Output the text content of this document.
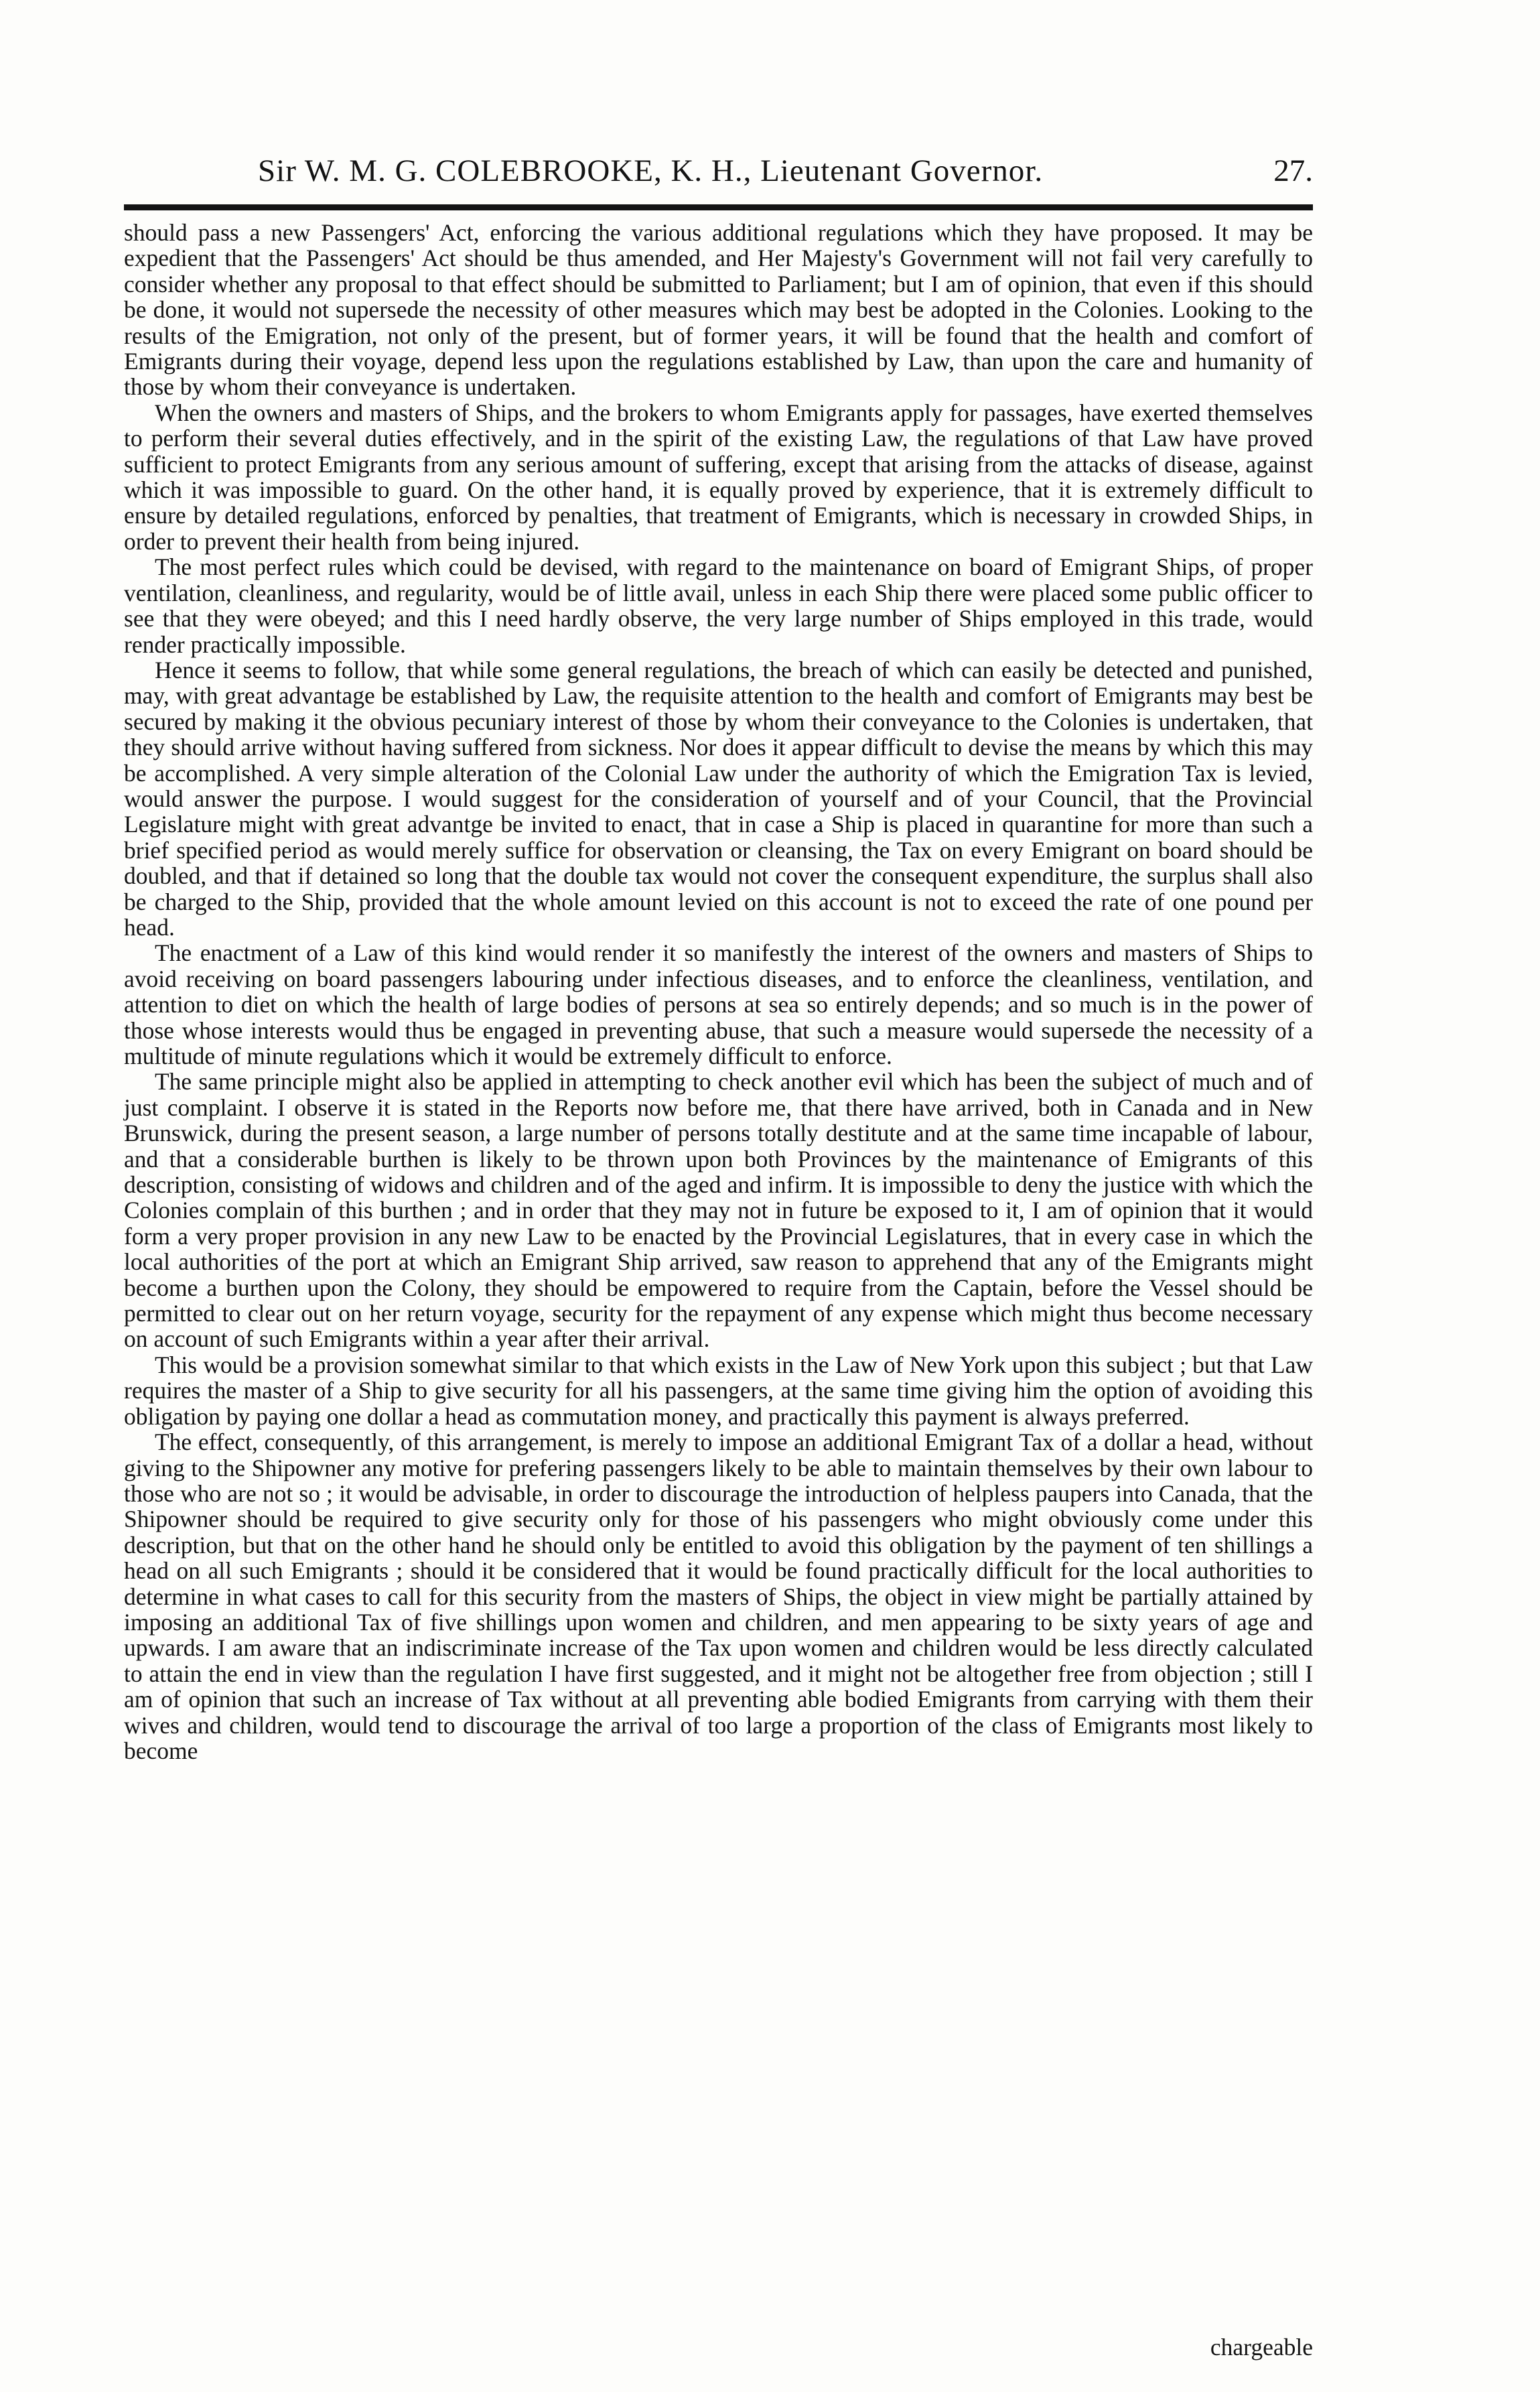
Sir W. M. G. COLEBROOKE, K. H., Lieutenant Governor.	27.

should pass a new Passengers' Act, enforcing the various additional regulations which they have proposed. It may be expedient that the Passengers' Act should be thus amended, and Her Majesty's Government will not fail very carefully to consider whether any proposal to that effect should be submitted to Parliament; but I am of opinion, that even if this should be done, it would not supersede the necessity of other measures which may best be adopted in the Colonies. Looking to the results of the Emigration, not only of the present, but of former years, it will be found that the health and comfort of Emigrants during their voyage, depend less upon the regulations established by Law, than upon the care and humanity of those by whom their conveyance is undertaken.

When the owners and masters of Ships, and the brokers to whom Emigrants apply for passages, have exerted themselves to perform their several duties effectively, and in the spirit of the existing Law, the regulations of that Law have proved sufficient to protect Emigrants from any serious amount of suffering, except that arising from the attacks of disease, against which it was impossible to guard. On the other hand, it is equally proved by experience, that it is extremely difficult to ensure by detailed regulations, enforced by penalties, that treatment of Emigrants, which is necessary in crowded Ships, in order to prevent their health from being injured.

The most perfect rules which could be devised, with regard to the maintenance on board of Emigrant Ships, of proper ventilation, cleanliness, and regularity, would be of little avail, unless in each Ship there were placed some public officer to see that they were obeyed; and this I need hardly observe, the very large number of Ships employed in this trade, would render practically impossible.

Hence it seems to follow, that while some general regulations, the breach of which can easily be detected and punished, may, with great advantage be established by Law, the requisite attention to the health and comfort of Emigrants may best be secured by making it the obvious pecuniary interest of those by whom their conveyance to the Colonies is undertaken, that they should arrive without having suffered from sickness. Nor does it appear difficult to devise the means by which this may be accomplished. A very simple alteration of the Colonial Law under the authority of which the Emigration Tax is levied, would answer the purpose. I would suggest for the consideration of yourself and of your Council, that the Provincial Legislature might with great advantge be invited to enact, that in case a Ship is placed in quarantine for more than such a brief specified period as would merely suffice for observation or cleansing, the Tax on every Emigrant on board should be doubled, and that if detained so long that the double tax would not cover the consequent expenditure, the surplus shall also be charged to the Ship, provided that the whole amount levied on this account is not to exceed the rate of one pound per head.

The enactment of a Law of this kind would render it so manifestly the interest of the owners and masters of Ships to avoid receiving on board passengers labouring under infectious diseases, and to enforce the cleanliness, ventilation, and attention to diet on which the health of large bodies of persons at sea so entirely depends; and so much is in the power of those whose interests would thus be engaged in preventing abuse, that such a measure would supersede the necessity of a multitude of minute regulations which it would be extremely difficult to enforce.

The same principle might also be applied in attempting to check another evil which has been the subject of much and of just complaint. I observe it is stated in the Reports now before me, that there have arrived, both in Canada and in New Brunswick, during the present season, a large number of persons totally destitute and at the same time incapable of labour, and that a considerable burthen is likely to be thrown upon both Provinces by the maintenance of Emigrants of this description, consisting of widows and children and of the aged and infirm. It is impossible to deny the justice with which the Colonies complain of this burthen ; and in order that they may not in future be exposed to it, I am of opinion that it would form a very proper provision in any new Law to be enacted by the Provincial Legislatures, that in every case in which the local authorities of the port at which an Emigrant Ship arrived, saw reason to apprehend that any of the Emigrants might become a burthen upon the Colony, they should be empowered to require from the Captain, before the Vessel should be permitted to clear out on her return voyage, security for the repayment of any expense which might thus become necessary on account of such Emigrants within a year after their arrival.

This would be a provision somewhat similar to that which exists in the Law of New York upon this subject ; but that Law requires the master of a Ship to give security for all his passengers, at the same time giving him the option of avoiding this obligation by paying one dollar a head as commutation money, and practically this payment is always preferred.

The effect, consequently, of this arrangement, is merely to impose an additional Emigrant Tax of a dollar a head, without giving to the Shipowner any motive for prefering passengers likely to be able to maintain themselves by their own labour to those who are not so ; it would be advisable, in order to discourage the introduction of helpless paupers into Canada, that the Shipowner should be required to give security only for those of his passengers who might obviously come under this description, but that on the other hand he should only be entitled to avoid this obligation by the payment of ten shillings a head on all such Emigrants ; should it be considered that it would be found practically difficult for the local authorities to determine in what cases to call for this security from the masters of Ships, the object in view might be partially attained by imposing an additional Tax of five shillings upon women and children, and men appearing to be sixty years of age and upwards. I am aware that an indiscriminate increase of the Tax upon women and children would be less directly calculated to attain the end in view than the regulation I have first suggested, and it might not be altogether free from objection ; still I am of opinion that such an increase of Tax without at all preventing able bodied Emigrants from carrying with them their wives and children, would tend to discourage the arrival of too large a proportion of the class of Emigrants most likely to become

chargeable
